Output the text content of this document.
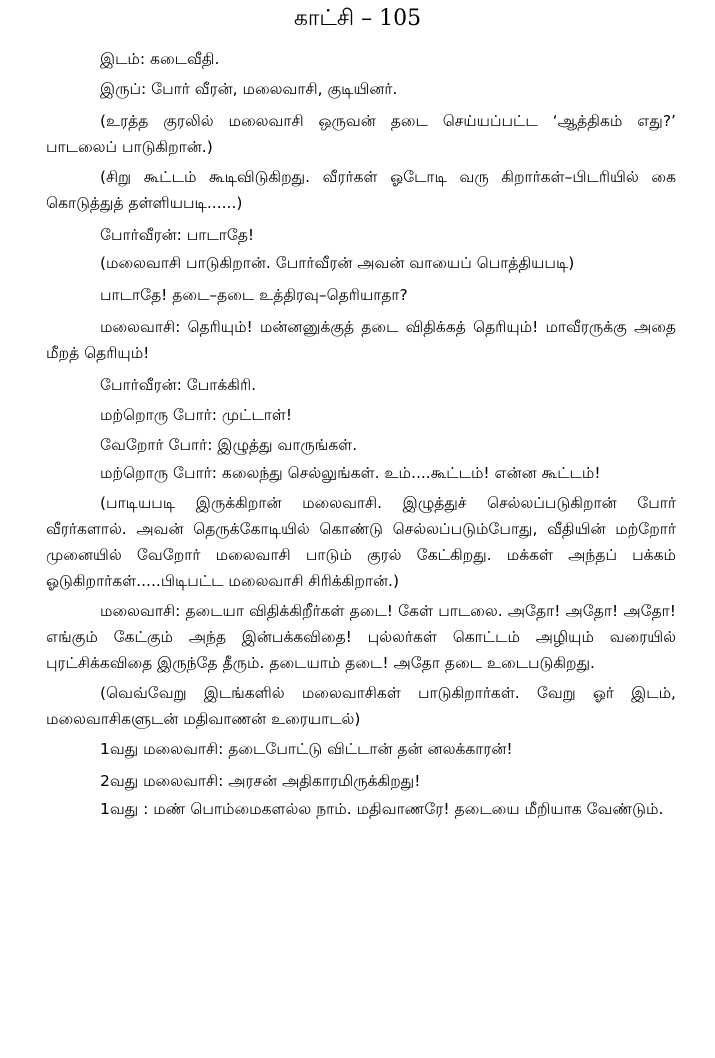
காட்சி – 105

இடம்: கடைவீதி.

இருப்: போர் வீரன், மலைவாசி, குடியினர்.

(உரத்த குரலில் மலைவாசி ஒருவன் தடை செய்யப்பட்ட ‘ஆத்திகம் எது?’ பாடலைப் பாடுகிறான்.)

(சிறு கூட்டம் கூடிவிடுகிறது. வீரர்கள் ஓடோடி வரு கிறார்கள்–பிடரியில் கை கொடுத்துத் தள்ளியபடி......)

போர்வீரன்: பாடாதே!

(மலைவாசி பாடுகிறான். போர்வீரன் அவன் வாயைப் பொத்தியபடி)

பாடாதே! தடை–தடை உத்திரவு–தெரியாதா?

மலைவாசி: தெரியும்! மன்னனுக்குத் தடை விதிக்கத் தெரியும்! மாவீரருக்கு அதை மீறத் தெரியும்!

போர்வீரன்: போக்கிரி.

மற்றொரு போர்: முட்டாள்!

வேறோர் போர்: இழுத்து வாருங்கள்.

மற்றொரு போர்: கலைந்து செல்லுங்கள். உம்....கூட்டம்! என்ன கூட்டம்!

(பாடியபடி இருக்கிறான் மலைவாசி. இழுத்துச் செல்லப்படுகிறான் போர் வீரர்களால். அவன் தெருக்கோடியில் கொண்டு செல்லப்படும்போது, வீதியின் மற்றோர் முனையில் வேறோர் மலைவாசி பாடும் குரல் கேட்கிறது. மக்கள் அந்தப் பக்கம் ஓடுகிறார்கள்.....பிடிபட்ட மலைவாசி சிரிக்கிறான்.)

மலைவாசி: தடையா விதிக்கிறீர்கள் தடை! கேள் பாடலை. அதோ! அதோ! அதோ! எங்கும் கேட்கும் அந்த இன்பக்கவிதை! புல்லர்கள் கொட்டம் அழியும் வரையில் புரட்சிக்கவிதை இருந்தே தீரும். தடையாம் தடை! அதோ தடை உடைபடுகிறது.

(வெவ்வேறு இடங்களில் மலைவாசிகள் பாடுகிறார்கள். வேறு ஓர் இடம், மலைவாசிகளுடன் மதிவாணன் உரையாடல்)

1வது மலைவாசி: தடைபோட்டு விட்டான் தன் னலக்காரன்!

2வது மலைவாசி: அரசன் அதிகாரமிருக்கிறது!

1வது : மண் பொம்மைகளல்ல நாம். மதிவாணரே! தடையை மீறியாக வேண்டும்.
